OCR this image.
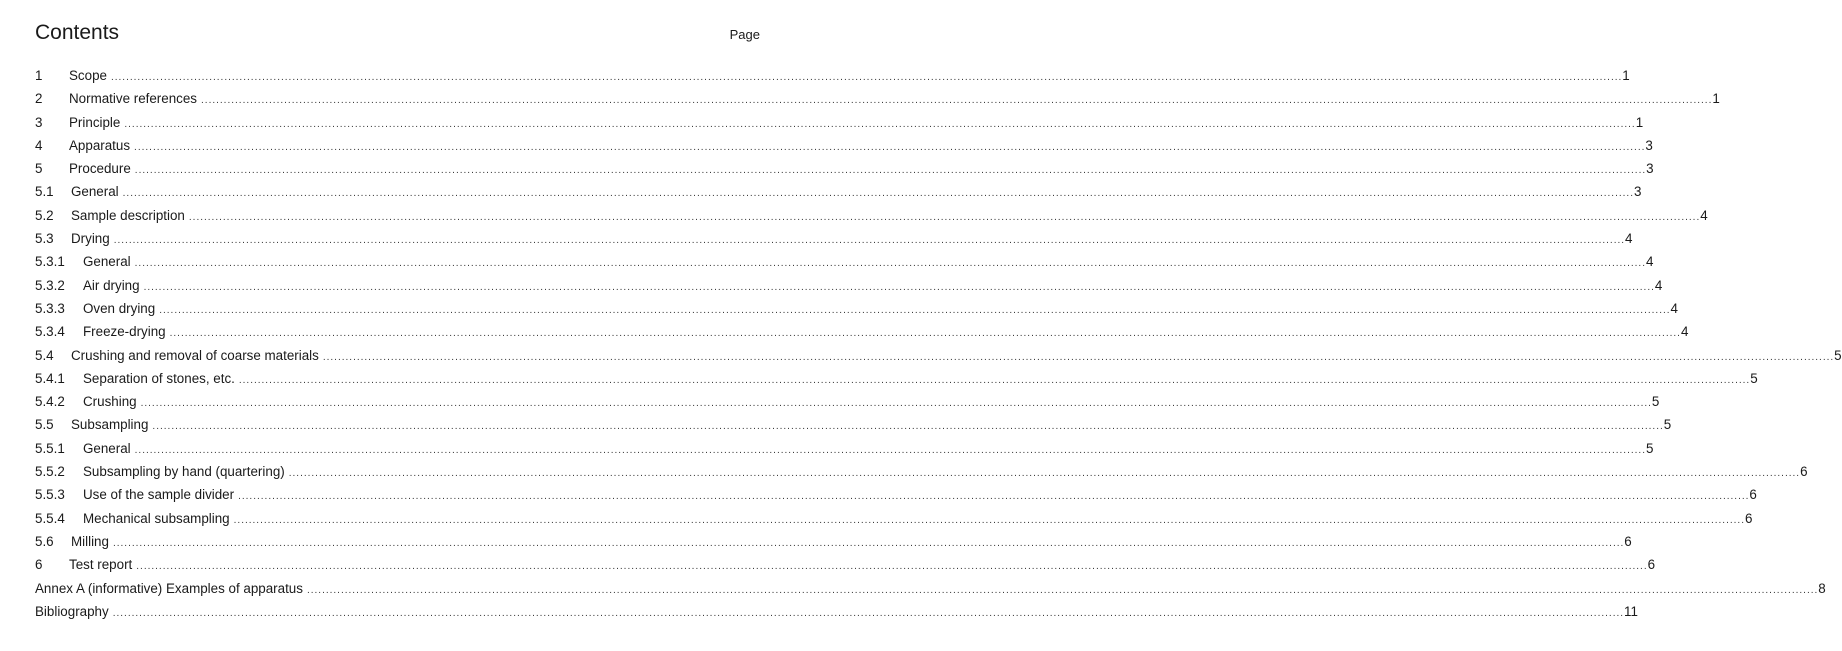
Contents	Page
1	Scope ................................................................................................................................................................................................................................................................................................................................................................................................................ 1
2	Normative references ................................................................................................................................................................................................................................................................................................................................................................................................................ 1
3	Principle ................................................................................................................................................................................................................................................................................................................................................................................................................ 1
4	Apparatus ................................................................................................................................................................................................................................................................................................................................................................................................................ 3
5	Procedure ................................................................................................................................................................................................................................................................................................................................................................................................................ 3
5.1	General ................................................................................................................................................................................................................................................................................................................................................................................................................ 3
5.2	Sample description ................................................................................................................................................................................................................................................................................................................................................................................................................ 4
5.3	Drying ................................................................................................................................................................................................................................................................................................................................................................................................................ 4
5.3.1	General ................................................................................................................................................................................................................................................................................................................................................................................................................ 4
5.3.2	Air drying ................................................................................................................................................................................................................................................................................................................................................................................................................ 4
5.3.3	Oven drying ................................................................................................................................................................................................................................................................................................................................................................................................................ 4
5.3.4	Freeze-drying ................................................................................................................................................................................................................................................................................................................................................................................................................ 4
5.4	Crushing and removal of coarse materials ................................................................................................................................................................................................................................................................................................................................................................................................................ 5
5.4.1	Separation of stones, etc. ................................................................................................................................................................................................................................................................................................................................................................................................................ 5
5.4.2	Crushing ................................................................................................................................................................................................................................................................................................................................................................................................................ 5
5.5	Subsampling ................................................................................................................................................................................................................................................................................................................................................................................................................ 5
5.5.1	General ................................................................................................................................................................................................................................................................................................................................................................................................................ 5
5.5.2	Subsampling by hand (quartering) ................................................................................................................................................................................................................................................................................................................................................................................................................ 6
5.5.3	Use of the sample divider ................................................................................................................................................................................................................................................................................................................................................................................................................ 6
5.5.4	Mechanical subsampling ................................................................................................................................................................................................................................................................................................................................................................................................................ 6
5.6	Milling ................................................................................................................................................................................................................................................................................................................................................................................................................ 6
6	Test report ................................................................................................................................................................................................................................................................................................................................................................................................................ 6
Annex A (informative) Examples of apparatus ................................................................................................................................................................................................................................................................................................................................................................................................................ 8
Bibliography ................................................................................................................................................................................................................................................................................................................................................................................................................ 11
